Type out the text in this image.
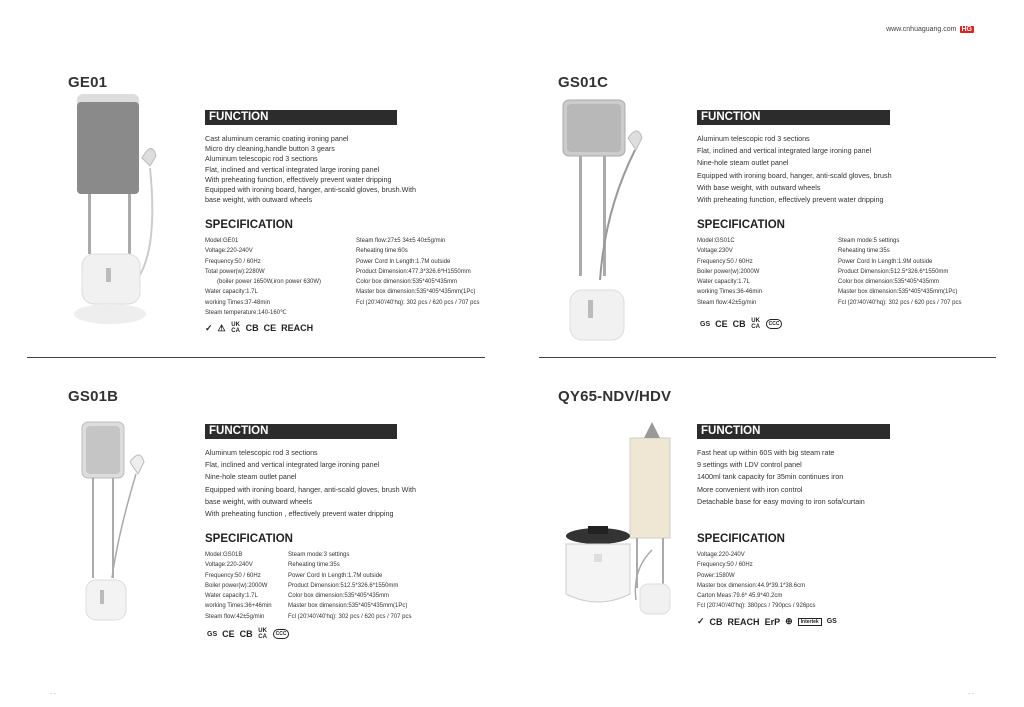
www.cnhuaguang.com HG
GE01
FUNCTION
Cast aluminum ceramic coating ironing panel
Micro dry cleaning,handle button 3 gears
Aluminum telescopic rod 3 sections
Flat, inclined and vertical integrated large ironing panel
With preheating function, effectively prevent water dripping
Equipped with ironing board, hanger, anti-scald gloves, brush.With
base weight, with outward wheels
SPECIFICATION
Model:GE01
Voltage:220-240V
Frequency:50 / 60Hz
Total power(w):2280W
(boiler power 1650W,iron power 630W)
Water capacity:1.7L
working Times:37-48min
Steam temperature:140-160℃
Steam flow:27±5 34±5 40±5g/min
Reheating time:60s
Power Cord In Length:1.7M outside
Product Dimension:477.3*326.6*H1550mm
Color box dimension:535*405*435mm
Master box dimension:535*405*435mm(1Pc)
Fcl (20'/40'/40'hq): 302 pcs / 620 pcs / 707 pcs
✓ ⚠ UK CA CB CE REACH
GS01C
FUNCTION
Aluminum telescopic rod 3 sections
Flat, inclined and vertical integrated large ironing panel
Nine-hole steam outlet panel
Equipped with ironing board, hanger, anti-scald gloves, brush
With base weight, with outward wheels
With preheating function, effectively prevent water dripping
SPECIFICATION
Model:GS01C
Voltage:230V
Frequency:50 / 60Hz
Boiler power(w):2000W
Water capacity:1.7L
working Times:36-46min
Steam flow:42±5g/min
Steam mode:5 settings
Reheating time:35s
Power Cord In Length:1.9M outside
Product Dimension:512.5*326.6*1550mm
Color box dimension:535*405*435mm
Master box dimension:535*405*435mm(1Pc)
Fcl (20'/40'/40'hq): 302 pcs / 620 pcs / 707 pcs
GS CE CB UK CA	CCC
GS01B
FUNCTION
Aluminum telescopic rod 3 sections
Flat, inclined and vertical integrated large ironing panel
Nine-hole steam outlet panel
Equipped with ironing board, hanger, anti-scald gloves, brush With
base weight, with outward wheels
With preheating function , effectively prevent water dripping
SPECIFICATION
Model:GS01B
Voltage:220-240V
Frequency:50 / 60Hz
Boiler power(w):2000W
Water capacity:1.7L
working Times:36+46min
Steam flow:42±5g/min
Steam mode:3 settings
Reheating time:35s
Power Cord In Length:1.7M outside
Product Dimension:512.5*326.6*1550mm
Color box dimension:535*405*435mm
Master box dimension:535*405*435mm(1Pc)
Fcl (20'/40'/40'hq): 302 pcs / 620 pcs / 707 pcs
GS CE CB UK CA	CCC
QY65-NDV/HDV
FUNCTION
Fast heat up within 60S with big steam rate
9 settings with LDV control panel
1400ml tank capacity for 35min continues iron
More convenient with iron control
Detachable base for easy moving to iron sofa/curtain
SPECIFICATION
Voltage:220-240V
Frequency:50 / 60Hz
Power:1580W
Master box dimension:44.9*39.1*38.6cm
Carton Meas:79.6* 45.9*40.2cm
Fcl (20'/40'/40'hq): 380pcs / 790pcs / 926pcs
✓ CB REACH ErP ⊕	Intertek	GS
- -	- -
